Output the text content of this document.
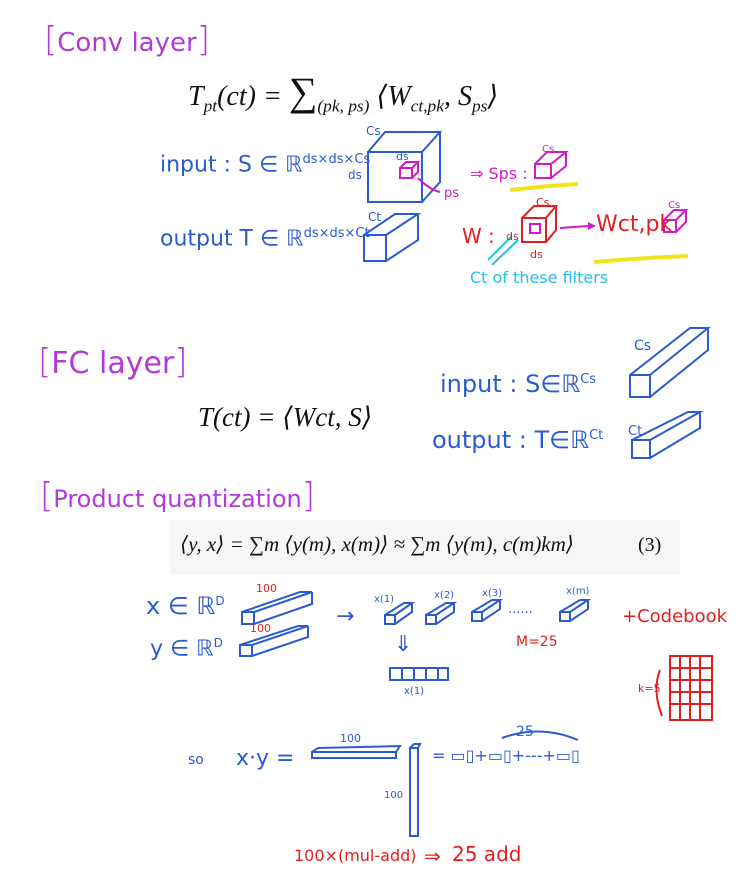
[Conv layer]
$T_{pt}(ct) = \sum_{(pk, ps)}$ $⟨W_{ct,pk}$, $S_{ps}⟩$
input : S ∈ ℝ$^{ds\times ds\times Cs}$
Cs
ds
ds
ps
⇒ Sps :
Cs
output T ∈ ℝ$^{ds\times ds\times Ct}$
Ct
W : ds
ds
Cs
Wct,pk
Cs
Ct of these filters
[FC layer]
T(ct) = ⟨Wct, S⟩
input : S∈ℝ$^{Cs}$
output : T∈ℝ$^{Ct}$
Cs
Ct
[Product quantization]
⟨y, x⟩ = ∑m ⟨y(m), x(m)⟩ ≈ ∑m ⟨y(m), c(m)km⟩	(3)
x ∈ ℝ$^D$
y ∈ ℝ$^D$
100
100	→
x(1)	x(2)	x(3)
......
x(m)
M=25
⇓
x(1)
+Codebook
k=5
so x·y =
100
100
25
= ▭▯+▭▯+---+▭▯
100×(mul-add) ⇒ 25 add
